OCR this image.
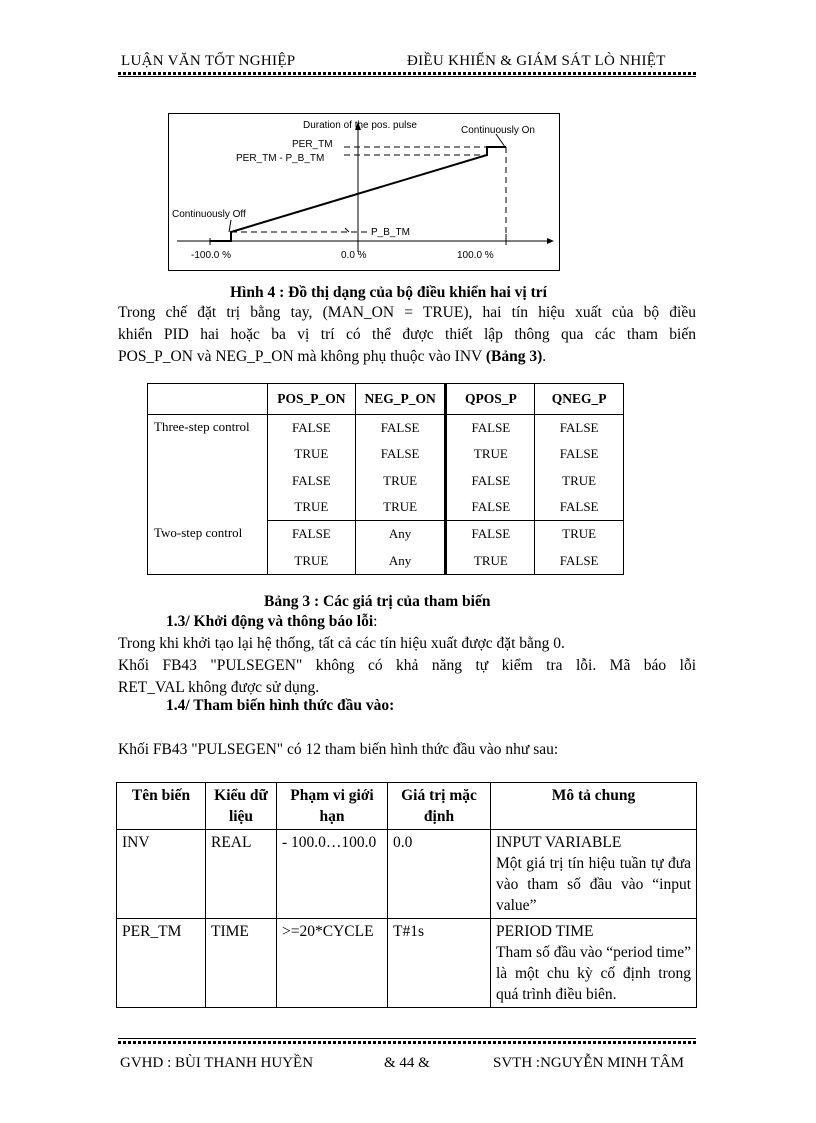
LUẬN VĂN TỐT NGHIỆP	ĐIỀU KHIỂN & GIÁM SÁT LÒ NHIỆT
Duration of the pos. pulse
PER_TM
PER_TM - P_B_TM
Continuously On
Continuously Off
P_B_TM
-100.0 %	0.0 %	100.0 %
Hình 4 : Đồ thị dạng của bộ điều khiển hai vị trí
Trong chế đặt trị bằng tay, (MAN_ON = TRUE), hai tín hiệu xuất của bộ điều
khiển PID hai hoặc ba vị trí có thể được thiết lập thông qua các tham biến
POS_P_ON và NEG_P_ON mà không phụ thuộc vào INV (Bảng 3).
	POS_P_ON	NEG_P_ON	QPOS_P	QNEG_P
Three-step control	FALSE	FALSE	FALSE	FALSE
	TRUE	FALSE	TRUE	FALSE
	FALSE	TRUE	FALSE	TRUE
	TRUE	TRUE	FALSE	FALSE
Two-step control	FALSE	Any	FALSE	TRUE
	TRUE	Any	TRUE	FALSE
Bảng 3 : Các giá trị của tham biến
1.3/ Khởi động và thông báo lỗi:
Trong khi khởi tạo lại hệ thống, tất cả các tín hiệu xuất được đặt bằng 0.
Khối FB43 "PULSEGEN" không có khả năng tự kiểm tra lỗi. Mã báo lỗi
RET_VAL không được sử dụng.
1.4/ Tham biến hình thức đầu vào:
Khối FB43 "PULSEGEN" có 12 tham biến hình thức đầu vào như sau:
Tên biến	Kiểu dữ liệu	Phạm vi giới hạn	Giá trị mặc định	Mô tả chung
INV	REAL	- 100.0…100.0	0.0	INPUT VARIABLE
Một giá trị tín hiệu tuần tự đưa vào tham số đầu vào “input value”

PER_TM	TIME	>=20*CYCLE	T#1s	PERIOD TIME
Tham số đầu vào “period time” là một chu kỳ cố định trong quá trình điều biên.
GVHD : BÙI THANH HUYỀN	& 44 &	SVTH :NGUYỄN MINH TÂM
